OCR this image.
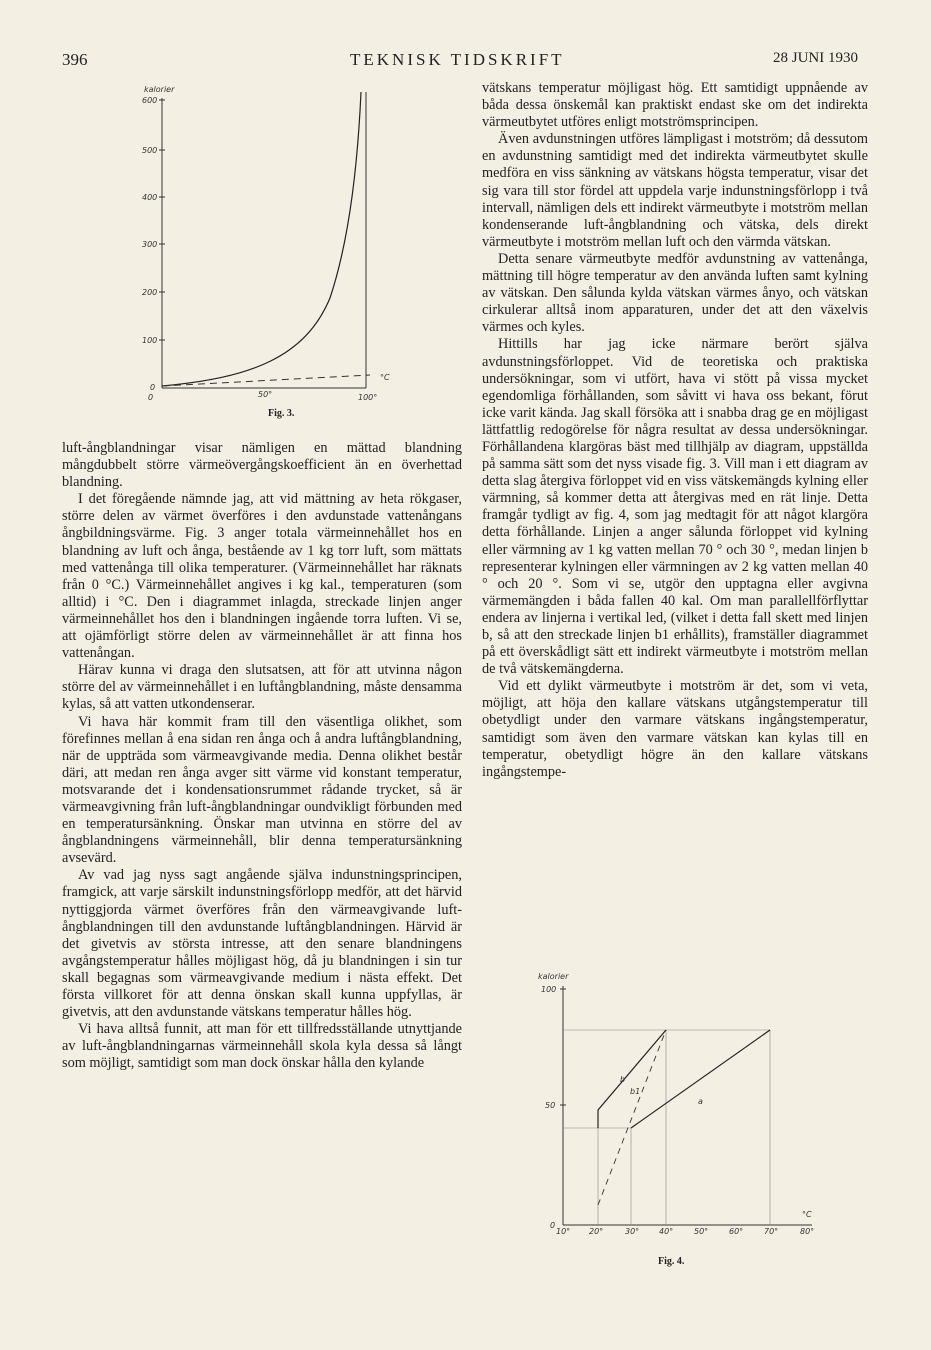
396	TEKNISK TIDSKRIFT	28 JUNI 1930
kalorier
600
500
400
300
200
100
0
0	50°	100°
°C
Fig. 3.

luft-ångblandningar visar nämligen en mättad blandning mångdubbelt större värmeövergångskoefficient än en överhettad blandning.

I det föregående nämnde jag, att vid mättning av heta rökgaser, större delen av värmet överföres i den avdunstade vattenångans ångbildningsvärme. Fig. 3 anger totala värmeinnehållet hos en blandning av luft och ånga, bestående av 1 kg torr luft, som mättats med vattenånga till olika temperaturer. (Värmeinnehållet har räknats från 0 °C.) Värmeinnehållet angives i kg kal., temperaturen (som alltid) i °C. Den i diagrammet inlagda, streckade linjen anger värmeinnehållet hos den i blandningen ingående torra luften. Vi se, att ojämförligt större delen av värmeinnehållet är att finna hos vattenångan.

Härav kunna vi draga den slutsatsen, att för att utvinna någon större del av värmeinnehållet i en luftångblandning, måste densamma kylas, så att vatten utkondenserar.

Vi hava här kommit fram till den väsentliga olikhet, som förefinnes mellan å ena sidan ren ånga och å andra luftångblandning, när de uppträda som värmeavgivande media. Denna olikhet består däri, att medan ren ånga avger sitt värme vid konstant temperatur, motsvarande det i kondensationsrummet rådande trycket, så är värmeavgivning från luft-ångblandningar oundvikligt förbunden med en temperatursänkning. Önskar man utvinna en större del av ångblandningens värmeinnehåll, blir denna temperatursänkning avsevärd.

Av vad jag nyss sagt angående själva indunstningsprincipen, framgick, att varje särskilt indunstningsförlopp medför, att det härvid nyttiggjorda värmet överföres från den värmeavgivande luft-ångblandningen till den avdunstande luftångblandningen. Härvid är det givetvis av största intresse, att den senare blandningens avgångstemperatur hålles möjligast hög, då ju blandningen i sin tur skall begagnas som värmeavgivande medium i nästa effekt. Det första villkoret för att denna önskan skall kunna uppfyllas, är givetvis, att den avdunstande vätskans temperatur hålles hög.

Vi hava alltså funnit, att man för ett tillfredsställande utnyttjande av luft-ångblandningarnas värmeinnehåll skola kyla dessa så långt som möjligt, samtidigt som man dock önskar hålla den kylande

vätskans temperatur möjligast hög. Ett samtidigt uppnående av båda dessa önskemål kan praktiskt endast ske om det indirekta värmeutbytet utföres enligt motströmsprincipen.

Även avdunstningen utföres lämpligast i motström; då dessutom en avdunstning samtidigt med det indirekta värmeutbytet skulle medföra en viss sänkning av vätskans högsta temperatur, visar det sig vara till stor fördel att uppdela varje indunstningsförlopp i två intervall, nämligen dels ett indirekt värmeutbyte i motström mellan kondenserande luft-ångblandning och vätska, dels direkt värmeutbyte i motström mellan luft och den värmda vätskan.

Detta senare värmeutbyte medför avdunstning av vattenånga, mättning till högre temperatur av den använda luften samt kylning av vätskan. Den sålunda kylda vätskan värmes ånyo, och vätskan cirkulerar alltså inom apparaturen, under det att den växelvis värmes och kyles.

Hittills har jag icke närmare berört själva avdunstningsförloppet. Vid de teoretiska och praktiska undersökningar, som vi utfört, hava vi stött på vissa mycket egendomliga förhållanden, som såvitt vi hava oss bekant, förut icke varit kända. Jag skall försöka att i snabba drag ge en möjligast lättfattlig redogörelse för några resultat av dessa undersökningar. Förhållandena klargöras bäst med tillhjälp av diagram, uppställda på samma sätt som det nyss visade fig. 3. Vill man i ett diagram av detta slag återgiva förloppet vid en viss vätskemängds kylning eller värmning, så kommer detta att återgivas med en rät linje. Detta framgår tydligt av fig. 4, som jag medtagit för att något klargöra detta förhållande. Linjen a anger sålunda förloppet vid kylning eller värmning av 1 kg vatten mellan 70 ° och 30 °, medan linjen b representerar kylningen eller värmningen av 2 kg vatten mellan 40 ° och 20 °. Som vi se, utgör den upptagna eller avgivna värmemängden i båda fallen 40 kal. Om man parallellförflyttar endera av linjerna i vertikal led, (vilket i detta fall skett med linjen b, så att den streckade linjen b1 erhållits), framställer diagrammet på ett överskådligt sätt ett indirekt värmeutbyte i motström mellan de två vätskemängderna.

Vid ett dylikt värmeutbyte i motström är det, som vi veta, möjligt, att höja den kallare vätskans utgångstemperatur till obetydligt under den varmare vätskans ingångstemperatur, samtidigt som även den varmare vätskan kan kylas till en temperatur, obetydligt högre än den kallare vätskans ingångstempe-

kalorier
100
50
0
10° 20°	30° 40°	50°	60°	70°	80°
°C
a
b
b1
Fig. 4.
